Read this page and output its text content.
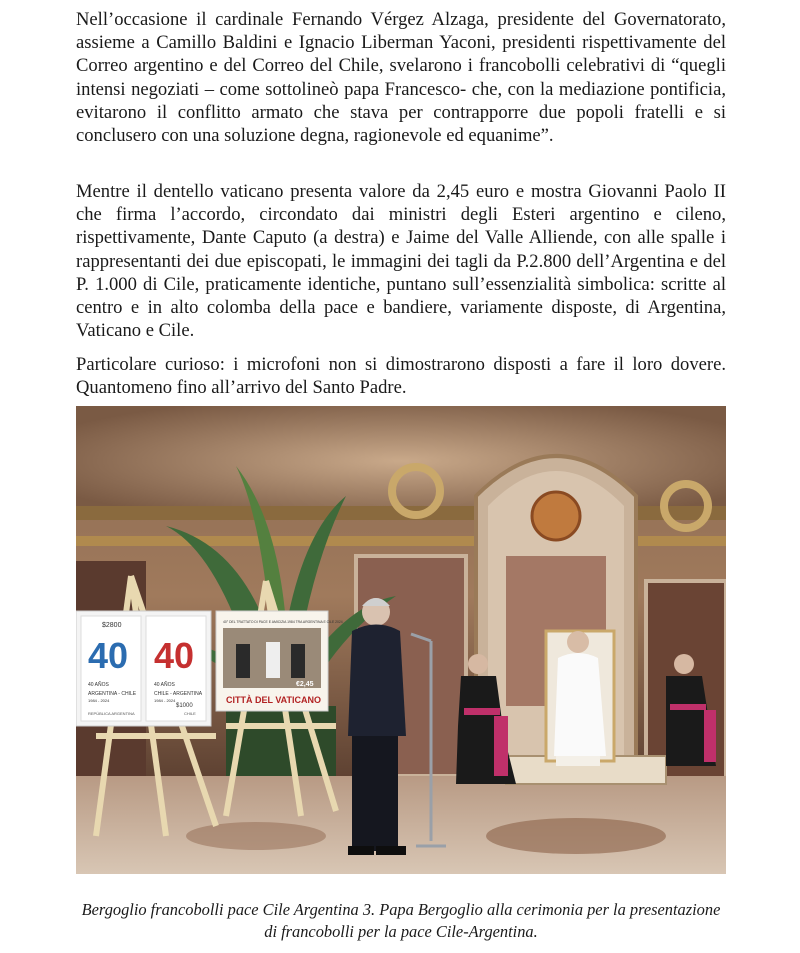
Nell’occasione il cardinale Fernando Vérgez Alzaga, presidente del Governatorato, assieme a Camillo Baldini e Ignacio Liberman Yaconi, presidenti rispettivamente del Correo argentino e del Correo del Chile, svelarono i francobolli celebrativi di “quegli intensi negoziati – come sottolineò papa Francesco- che, con la mediazione pontificia, evitarono il conflitto armato che stava per contrapporre due popoli fratelli e si conclusero con una soluzione degna, ragionevole ed equanime”.

Mentre il dentello vaticano presenta valore da 2,45 euro e mostra Giovanni Paolo II che firma l’accordo, circondato dai ministri degli Esteri argentino e cileno, rispettivamente, Dante Caputo (a destra) e Jaime del Valle Alliende, con alle spalle i rappresentanti dei due episcopati, le immagini dei tagli da P.2.800 dell’Argentina e del P. 1.000 di Cile, praticamente identiche, puntano sull’essenzialità simbolica: scritte al centro e in alto colomba della pace e bandiere, variamente disposte, di Argentina, Vaticano e Cile.

Particolare curioso: i microfoni non si dimostrarono disposti a fare il loro dovere. Quantomeno fino all’arrivo del Santo Padre.

$2800
40
40 AÑOS
ARGENTINA - CHILE
1984 - 2024
REPÚBLICA ARGENTINA
40
40 AÑOS
CHILE - ARGENTINA
1984 - 2024
$1000
CHILE
40° DEL TRATTATO DI PACE E AMICIZIA 1984 TRA ARGENTINA E CILE 2024
€2,45
CITTÀ DEL VATICANO

Bergoglio francobolli pace Cile Argentina 3. Papa Bergoglio alla cerimonia per la presentazione di francobolli per la pace Cile-Argentina.
